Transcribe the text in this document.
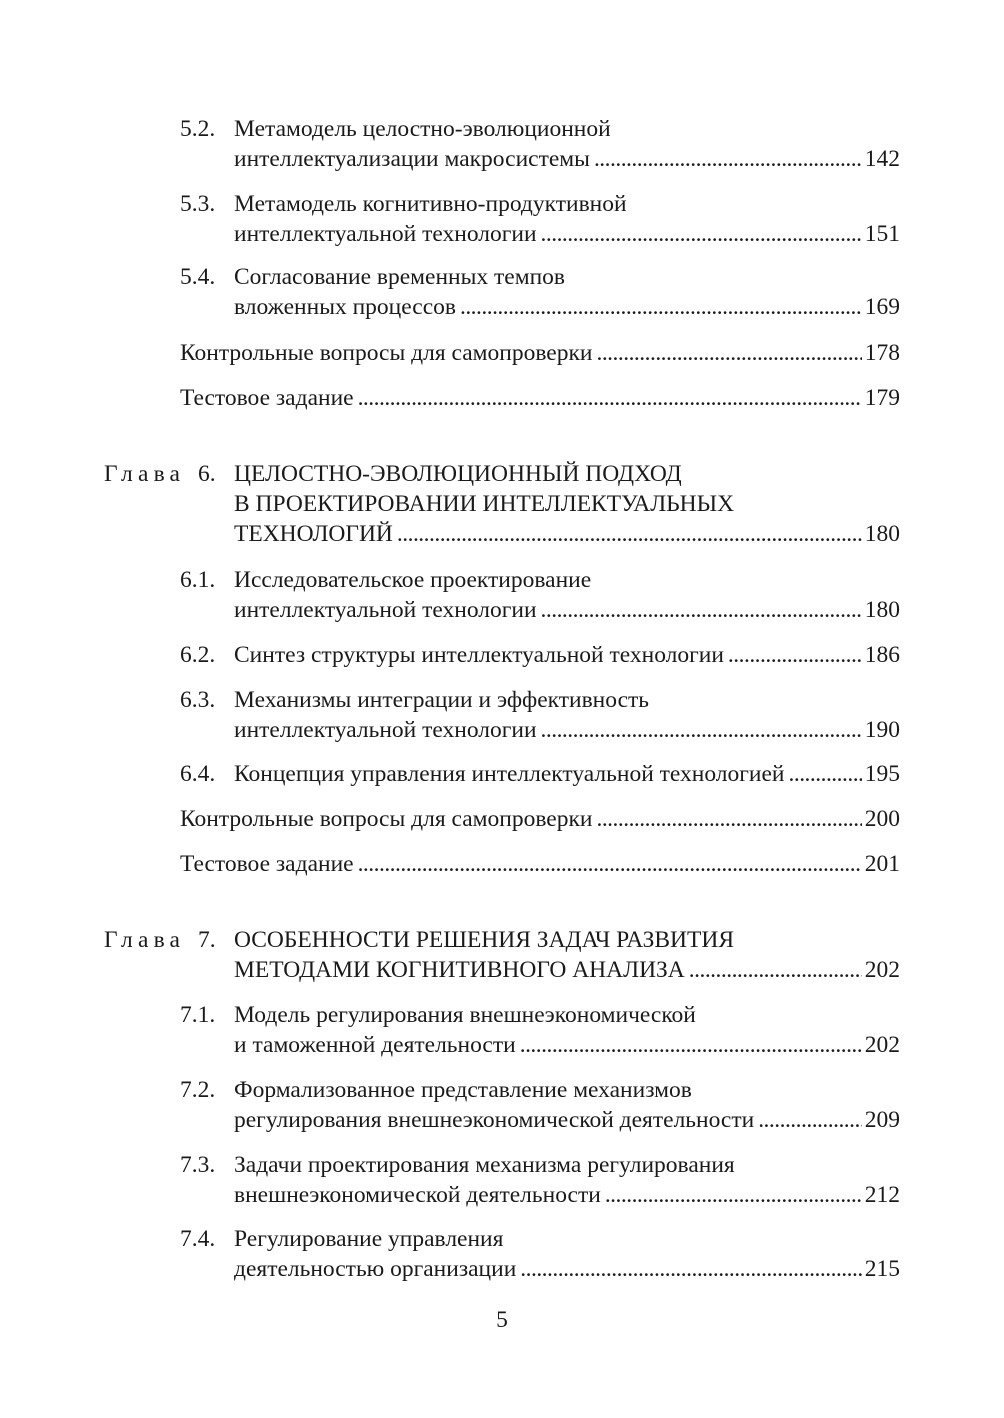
5.2. Метамодель целостно-эволюционной
интеллектуализации макросистемы . . .	142
5.3. Метамодель когнитивно-продуктивной
интеллектуальной технологии . . .	151
5.4. Согласование временных темпов
вложенных процессов . . .	169
Контрольные вопросы для самопроверки . . .	178
Тестовое задание . . .	179
Глава 6. ЦЕЛОСТНО-ЭВОЛЮЦИОННЫЙ ПОДХОД
В ПРОЕКТИРОВАНИИ ИНТЕЛЛЕКТУАЛЬНЫХ
ТЕХНОЛОГИЙ . . .	180
6.1. Исследовательское проектирование
интеллектуальной технологии . . .	180
6.2. Синтез структуры интеллектуальной технологии . . .	186
6.3. Механизмы интеграции и эффективность
интеллектуальной технологии . . .	190
6.4. Концепция управления интеллектуальной технологией . . .	195
Контрольные вопросы для самопроверки . . .	200
Тестовое задание . . .	201
Глава 7. ОСОБЕННОСТИ РЕШЕНИЯ ЗАДАЧ РАЗВИТИЯ
МЕТОДАМИ КОГНИТИВНОГО АНАЛИЗА . . .	202
7.1. Модель регулирования внешнеэкономической
и таможенной деятельности . . .	202
7.2. Формализованное представление механизмов
регулирования внешнеэкономической деятельности . . .	209
7.3. Задачи проектирования механизма регулирования
внешнеэкономической деятельности . . .	212
7.4. Регулирование управления
деятельностью организации . . .	215
5
